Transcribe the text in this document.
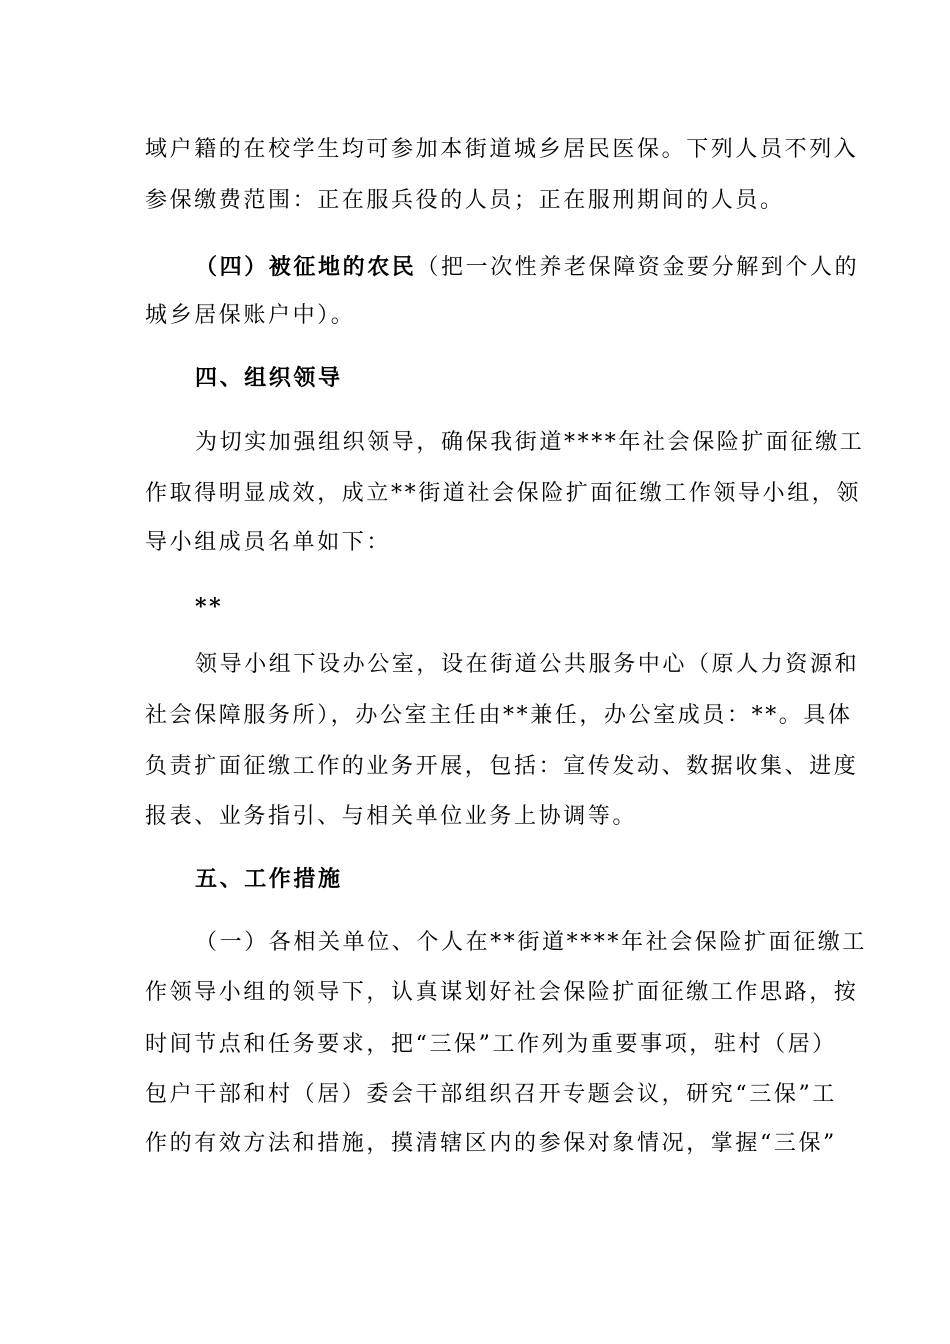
域户籍的在校学生均可参加本街道城乡居民医保。下列人员不列入
参保缴费范围：正在服兵役的人员；正在服刑期间的人员。
（四）被征地的农民（把一次性养老保障资金要分解到个人的
城乡居保账户中）。
四、组织领导
为切实加强组织领导，确保我街道****年社会保险扩面征缴工
作取得明显成效，成立**街道社会保险扩面征缴工作领导小组，领
导小组成员名单如下：
**
领导小组下设办公室，设在街道公共服务中心（原人力资源和
社会保障服务所），办公室主任由**兼任，办公室成员：**。具体
负责扩面征缴工作的业务开展，包括：宣传发动、数据收集、进度
报表、业务指引、与相关单位业务上协调等。
五、工作措施
（一）各相关单位、个人在**街道****年社会保险扩面征缴工
作领导小组的领导下，认真谋划好社会保险扩面征缴工作思路，按
时间节点和任务要求，把“三保”工作列为重要事项，驻村（居）
包户干部和村（居）委会干部组织召开专题会议，研究“三保”工
作的有效方法和措施，摸清辖区内的参保对象情况，掌握“三保”
